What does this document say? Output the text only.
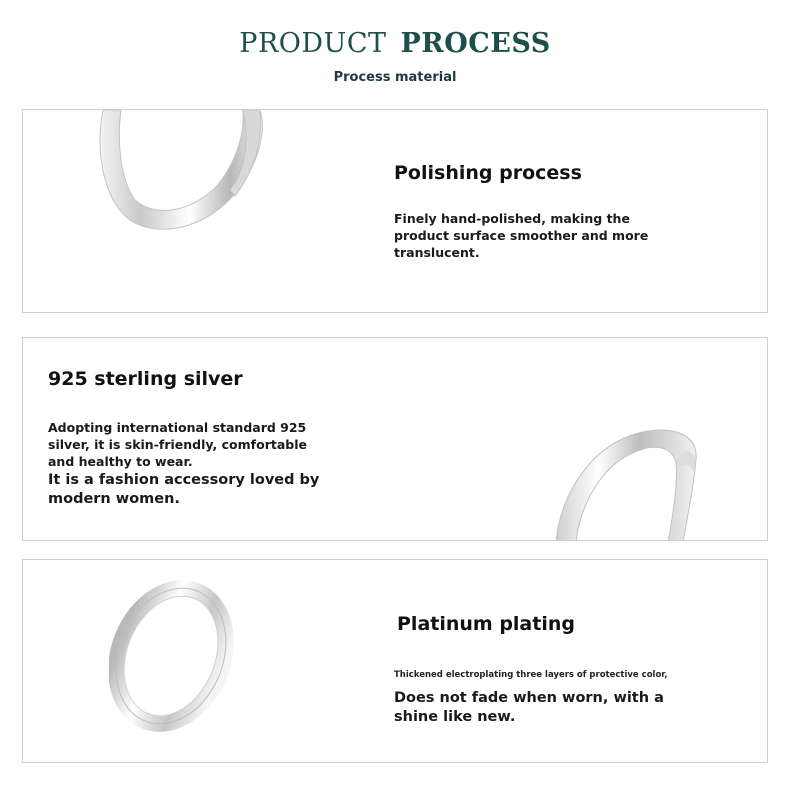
PRODUCT PROCESS
Process material
Polishing process
Finely hand-polished, making the product surface smoother and more translucent.
925 sterling silver
Adopting international standard 925 silver, it is skin-friendly, comfortable and healthy to wear.
It is a fashion accessory loved by modern women.
Platinum plating
Thickened electroplating three layers of protective color,
Does not fade when worn, with a shine like new.
